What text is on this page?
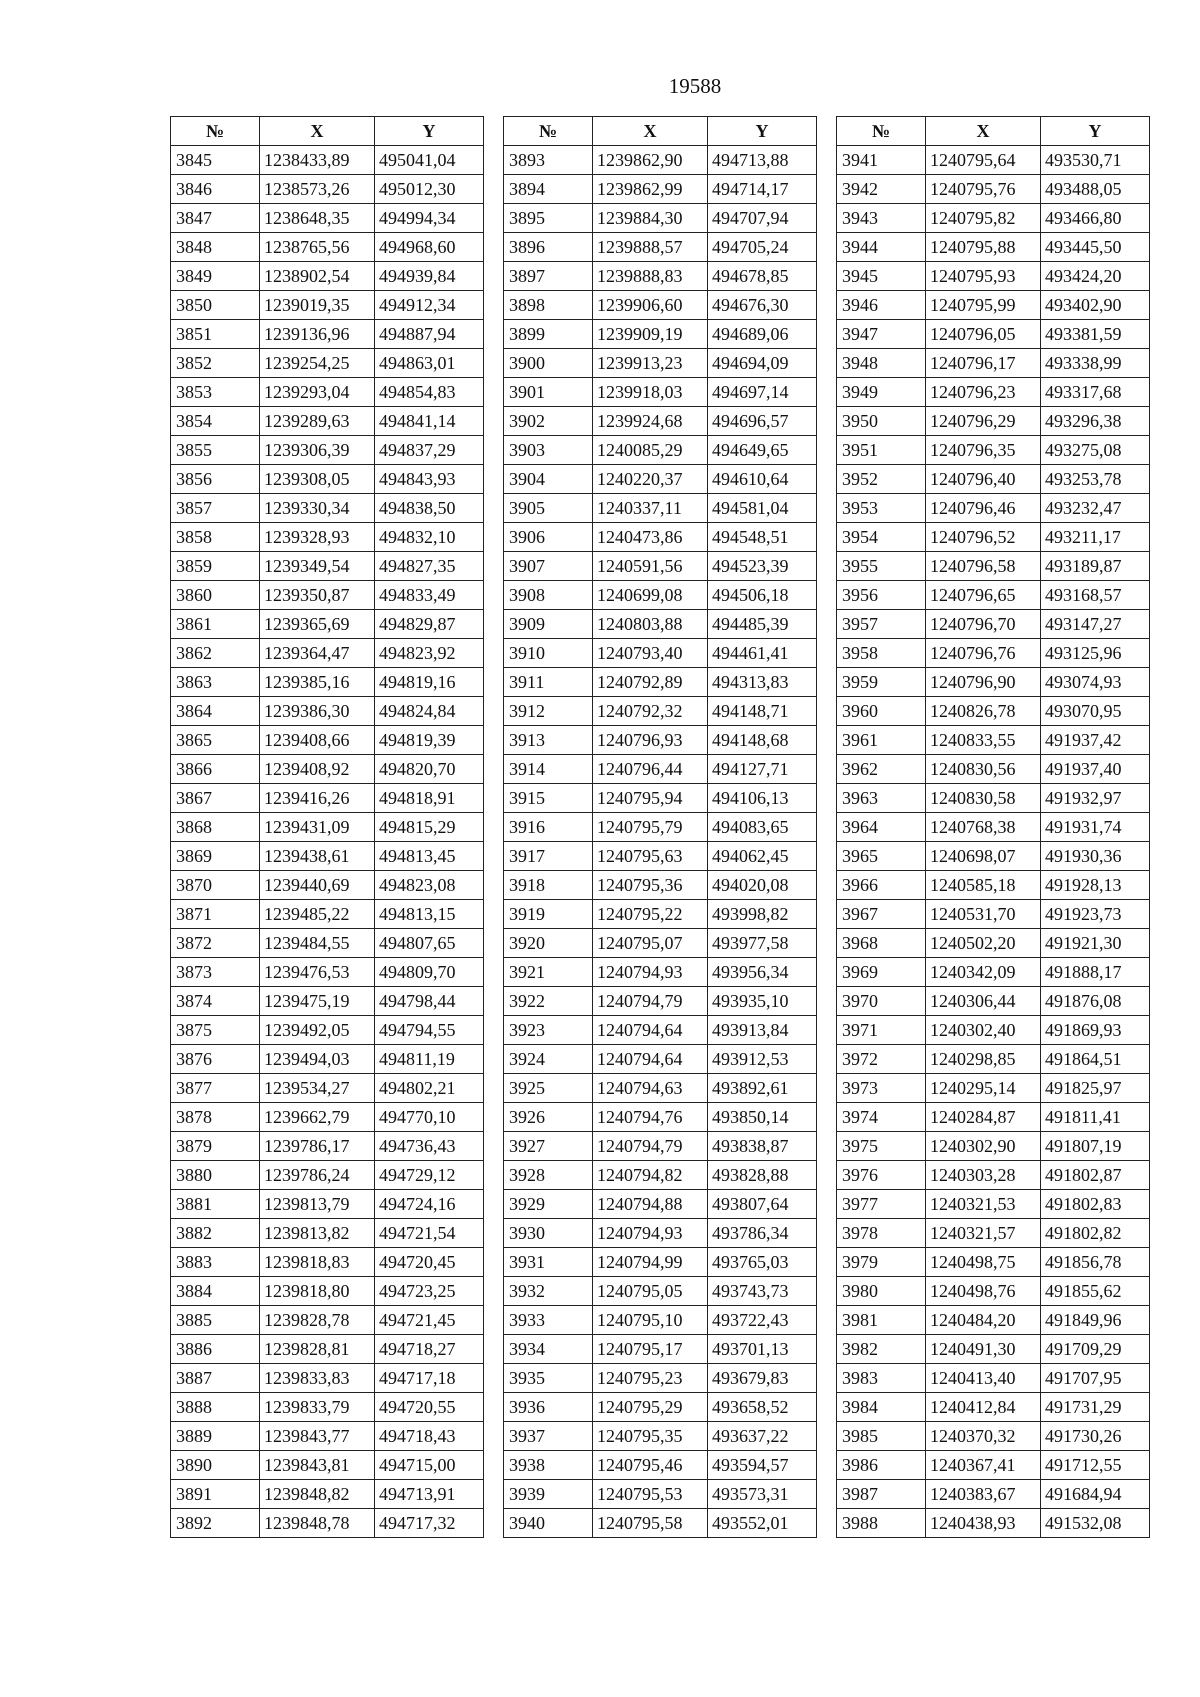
19588
№	X	Y
3845	1238433,89	495041,04
3846	1238573,26	495012,30
3847	1238648,35	494994,34
3848	1238765,56	494968,60
3849	1238902,54	494939,84
3850	1239019,35	494912,34
3851	1239136,96	494887,94
3852	1239254,25	494863,01
3853	1239293,04	494854,83
3854	1239289,63	494841,14
3855	1239306,39	494837,29
3856	1239308,05	494843,93
3857	1239330,34	494838,50
3858	1239328,93	494832,10
3859	1239349,54	494827,35
3860	1239350,87	494833,49
3861	1239365,69	494829,87
3862	1239364,47	494823,92
3863	1239385,16	494819,16
3864	1239386,30	494824,84
3865	1239408,66	494819,39
3866	1239408,92	494820,70
3867	1239416,26	494818,91
3868	1239431,09	494815,29
3869	1239438,61	494813,45
3870	1239440,69	494823,08
3871	1239485,22	494813,15
3872	1239484,55	494807,65
3873	1239476,53	494809,70
3874	1239475,19	494798,44
3875	1239492,05	494794,55
3876	1239494,03	494811,19
3877	1239534,27	494802,21
3878	1239662,79	494770,10
3879	1239786,17	494736,43
3880	1239786,24	494729,12
3881	1239813,79	494724,16
3882	1239813,82	494721,54
3883	1239818,83	494720,45
3884	1239818,80	494723,25
3885	1239828,78	494721,45
3886	1239828,81	494718,27
3887	1239833,83	494717,18
3888	1239833,79	494720,55
3889	1239843,77	494718,43
3890	1239843,81	494715,00
3891	1239848,82	494713,91
3892	1239848,78	494717,32
№	X	Y
3893	1239862,90	494713,88
3894	1239862,99	494714,17
3895	1239884,30	494707,94
3896	1239888,57	494705,24
3897	1239888,83	494678,85
3898	1239906,60	494676,30
3899	1239909,19	494689,06
3900	1239913,23	494694,09
3901	1239918,03	494697,14
3902	1239924,68	494696,57
3903	1240085,29	494649,65
3904	1240220,37	494610,64
3905	1240337,11	494581,04
3906	1240473,86	494548,51
3907	1240591,56	494523,39
3908	1240699,08	494506,18
3909	1240803,88	494485,39
3910	1240793,40	494461,41
3911	1240792,89	494313,83
3912	1240792,32	494148,71
3913	1240796,93	494148,68
3914	1240796,44	494127,71
3915	1240795,94	494106,13
3916	1240795,79	494083,65
3917	1240795,63	494062,45
3918	1240795,36	494020,08
3919	1240795,22	493998,82
3920	1240795,07	493977,58
3921	1240794,93	493956,34
3922	1240794,79	493935,10
3923	1240794,64	493913,84
3924	1240794,64	493912,53
3925	1240794,63	493892,61
3926	1240794,76	493850,14
3927	1240794,79	493838,87
3928	1240794,82	493828,88
3929	1240794,88	493807,64
3930	1240794,93	493786,34
3931	1240794,99	493765,03
3932	1240795,05	493743,73
3933	1240795,10	493722,43
3934	1240795,17	493701,13
3935	1240795,23	493679,83
3936	1240795,29	493658,52
3937	1240795,35	493637,22
3938	1240795,46	493594,57
3939	1240795,53	493573,31
3940	1240795,58	493552,01
№	X	Y
3941	1240795,64	493530,71
3942	1240795,76	493488,05
3943	1240795,82	493466,80
3944	1240795,88	493445,50
3945	1240795,93	493424,20
3946	1240795,99	493402,90
3947	1240796,05	493381,59
3948	1240796,17	493338,99
3949	1240796,23	493317,68
3950	1240796,29	493296,38
3951	1240796,35	493275,08
3952	1240796,40	493253,78
3953	1240796,46	493232,47
3954	1240796,52	493211,17
3955	1240796,58	493189,87
3956	1240796,65	493168,57
3957	1240796,70	493147,27
3958	1240796,76	493125,96
3959	1240796,90	493074,93
3960	1240826,78	493070,95
3961	1240833,55	491937,42
3962	1240830,56	491937,40
3963	1240830,58	491932,97
3964	1240768,38	491931,74
3965	1240698,07	491930,36
3966	1240585,18	491928,13
3967	1240531,70	491923,73
3968	1240502,20	491921,30
3969	1240342,09	491888,17
3970	1240306,44	491876,08
3971	1240302,40	491869,93
3972	1240298,85	491864,51
3973	1240295,14	491825,97
3974	1240284,87	491811,41
3975	1240302,90	491807,19
3976	1240303,28	491802,87
3977	1240321,53	491802,83
3978	1240321,57	491802,82
3979	1240498,75	491856,78
3980	1240498,76	491855,62
3981	1240484,20	491849,96
3982	1240491,30	491709,29
3983	1240413,40	491707,95
3984	1240412,84	491731,29
3985	1240370,32	491730,26
3986	1240367,41	491712,55
3987	1240383,67	491684,94
3988	1240438,93	491532,08
